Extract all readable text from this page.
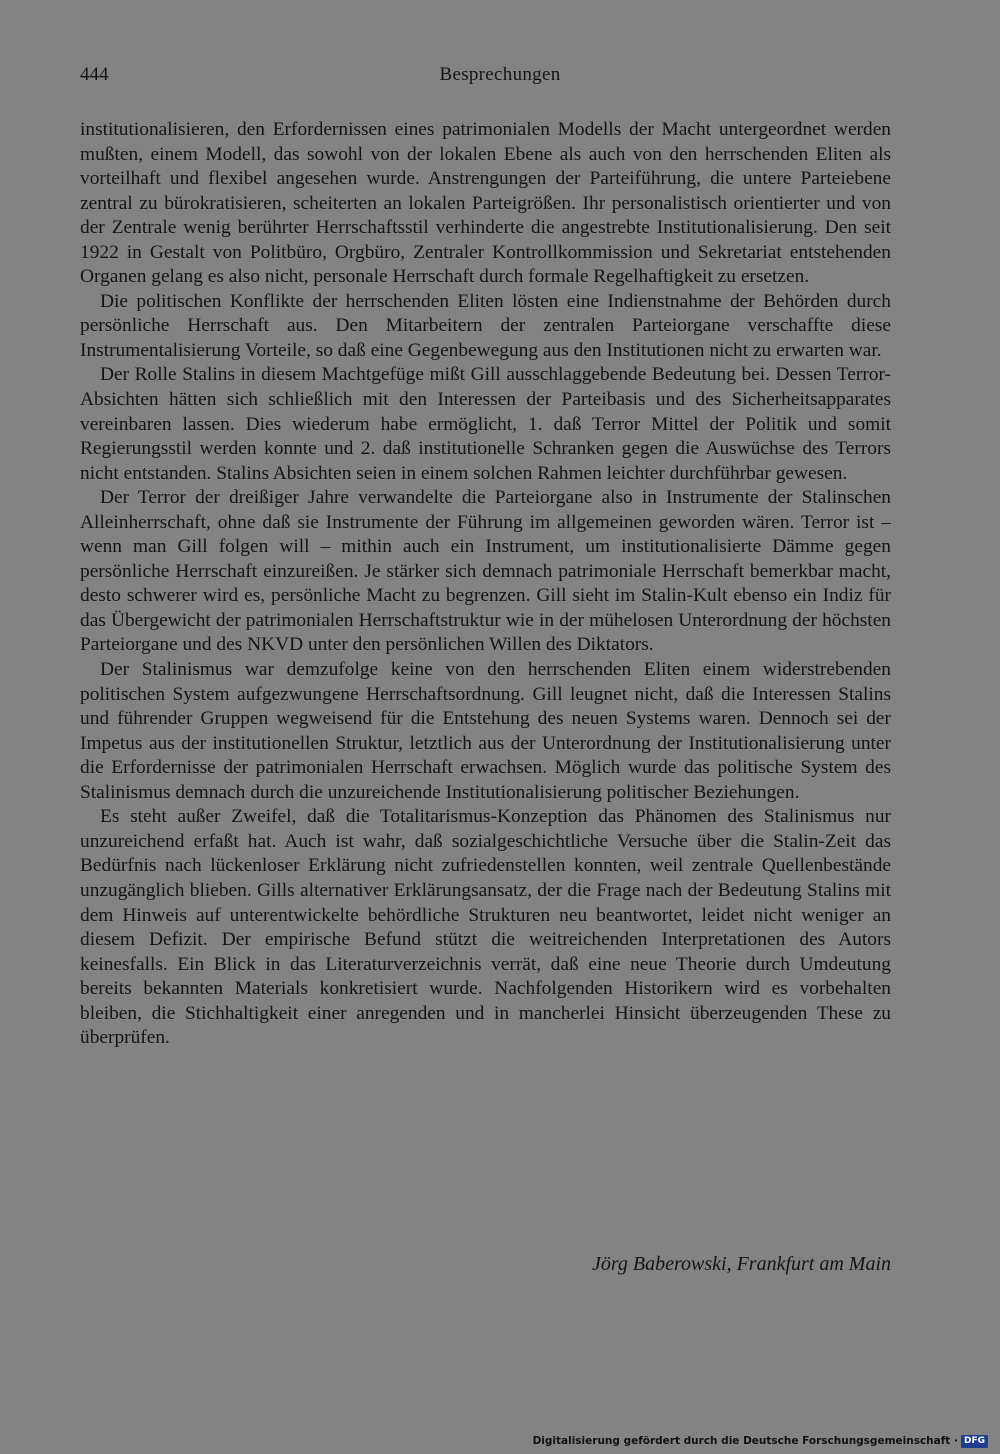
444	Besprechungen

institutionalisieren, den Erfordernissen eines patrimonialen Modells der Macht untergeordnet werden mußten, einem Modell, das sowohl von der lokalen Ebene als auch von den herrschenden Eliten als vorteilhaft und flexibel angesehen wurde. Anstrengungen der Parteiführung, die untere Parteiebene zentral zu bürokratisieren, scheiterten an lokalen Parteigrößen. Ihr personalistisch orientierter und von der Zentrale wenig berührter Herrschaftsstil verhinderte die angestrebte Institutionalisierung. Den seit 1922 in Gestalt von Politbüro, Orgbüro, Zentraler Kontrollkommission und Sekretariat entstehenden Organen gelang es also nicht, personale Herrschaft durch formale Regelhaftigkeit zu ersetzen.

Die politischen Konflikte der herrschenden Eliten lösten eine Indienstnahme der Behörden durch persönliche Herrschaft aus. Den Mitarbeitern der zentralen Parteiorgane verschaffte diese Instrumentalisierung Vorteile, so daß eine Gegenbewegung aus den Institutionen nicht zu erwarten war.

Der Rolle Stalins in diesem Machtgefüge mißt Gill ausschlaggebende Bedeutung bei. Dessen Terror-Absichten hätten sich schließlich mit den Interessen der Parteibasis und des Sicherheitsapparates vereinbaren lassen. Dies wiederum habe ermöglicht, 1. daß Terror Mittel der Politik und somit Regierungsstil werden konnte und 2. daß institutionelle Schranken gegen die Auswüchse des Terrors nicht entstanden. Stalins Absichten seien in einem solchen Rahmen leichter durchführbar gewesen.

Der Terror der dreißiger Jahre verwandelte die Parteiorgane also in Instrumente der Stalinschen Alleinherrschaft, ohne daß sie Instrumente der Führung im allgemeinen geworden wären. Terror ist – wenn man Gill folgen will – mithin auch ein Instrument, um institutionalisierte Dämme gegen persönliche Herrschaft einzureißen. Je stärker sich demnach patrimoniale Herrschaft bemerkbar macht, desto schwerer wird es, persönliche Macht zu begrenzen. Gill sieht im Stalin-Kult ebenso ein Indiz für das Übergewicht der patrimonialen Herrschaftstruktur wie in der mühelosen Unterordnung der höchsten Parteiorgane und des NKVD unter den persönlichen Willen des Diktators.

Der Stalinismus war demzufolge keine von den herrschenden Eliten einem widerstrebenden politischen System aufgezwungene Herrschaftsordnung. Gill leugnet nicht, daß die Interessen Stalins und führender Gruppen wegweisend für die Entstehung des neuen Systems waren. Dennoch sei der Impetus aus der institutionellen Struktur, letztlich aus der Unterordnung der Institutionalisierung unter die Erfordernisse der patrimonialen Herrschaft erwachsen. Möglich wurde das politische System des Stalinismus demnach durch die unzureichende Institutionalisierung politischer Beziehungen.

Es steht außer Zweifel, daß die Totalitarismus-Konzeption das Phänomen des Stalinismus nur unzureichend erfaßt hat. Auch ist wahr, daß sozialgeschichtliche Versuche über die Stalin-Zeit das Bedürfnis nach lückenloser Erklärung nicht zufriedenstellen konnten, weil zentrale Quellenbestände unzugänglich blieben. Gills alternativer Erklärungsansatz, der die Frage nach der Bedeutung Stalins mit dem Hinweis auf unterentwickelte behördliche Strukturen neu beantwortet, leidet nicht weniger an diesem Defizit. Der empirische Befund stützt die weitreichenden Interpretationen des Autors keinesfalls. Ein Blick in das Literaturverzeichnis verrät, daß eine neue Theorie durch Umdeutung bereits bekannten Materials konkretisiert wurde. Nachfolgenden Historikern wird es vorbehalten bleiben, die Stichhaltigkeit einer anregenden und in mancherlei Hinsicht überzeugenden These zu überprüfen.

Jörg Baberowski, Frankfurt am Main
Digitalisierung gefördert durch die Deutsche Forschungsgemeinschaft · DFG
